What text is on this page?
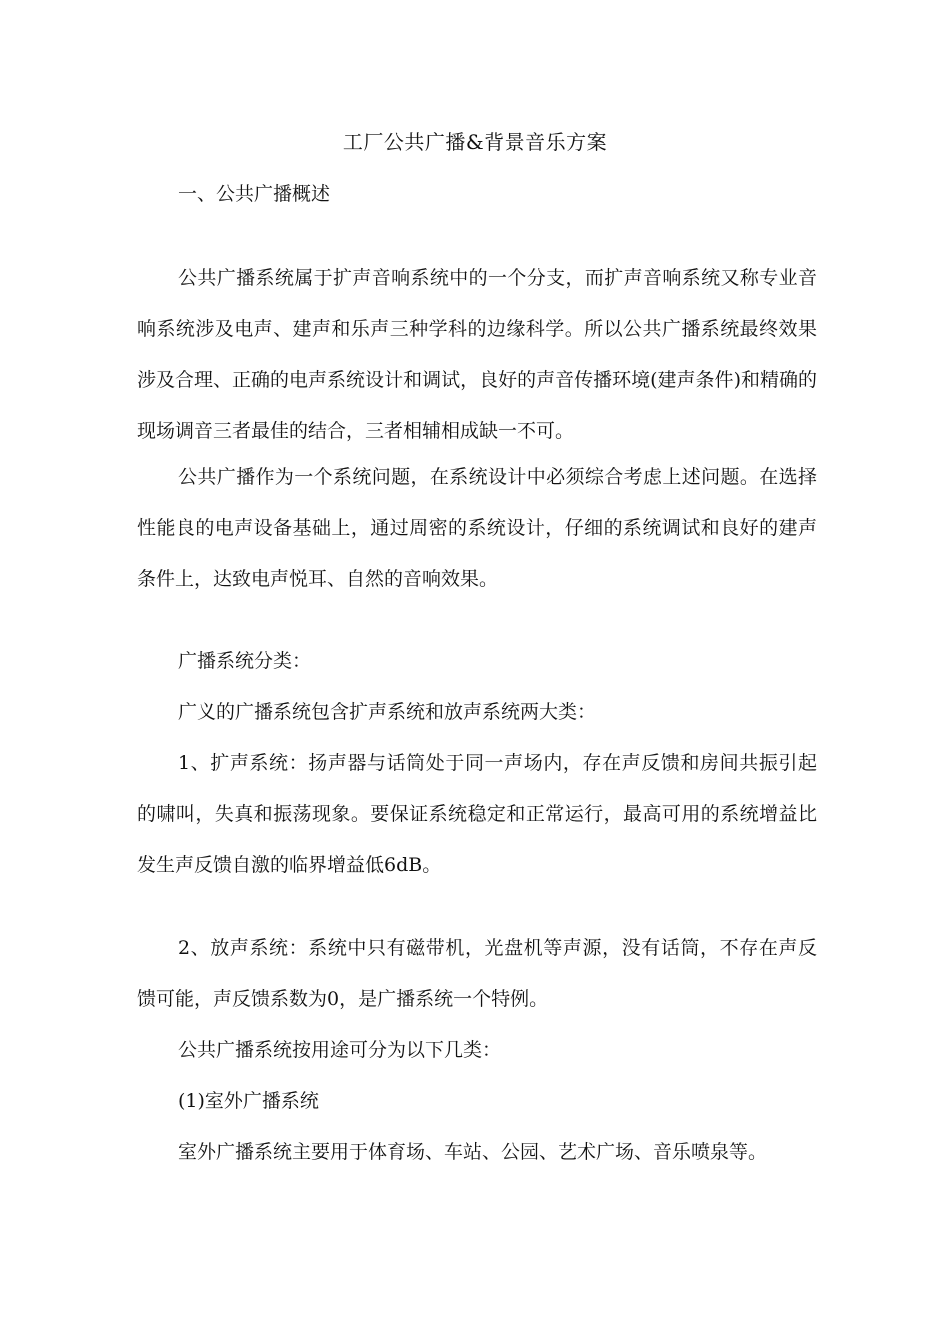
工厂公共广播&背景音乐方案
一、公共广播概述

公共广播系统属于扩声音响系统中的一个分支，而扩声音响系统又称专业音响系统涉及电声、建声和乐声三种学科的边缘科学。所以公共广播系统最终效果涉及合理、正确的电声系统设计和调试，良好的声音传播环境(建声条件)和精确的现场调音三者最佳的结合，三者相辅相成缺一不可。

公共广播作为一个系统问题，在系统设计中必须综合考虑上述问题。在选择性能良的电声设备基础上，通过周密的系统设计，仔细的系统调试和良好的建声条件上，达致电声悦耳、自然的音响效果。

广播系统分类：
广义的广播系统包含扩声系统和放声系统两大类：

1、扩声系统：扬声器与话筒处于同一声场内，存在声反馈和房间共振引起的啸叫，失真和振荡现象。要保证系统稳定和正常运行，最高可用的系统增益比发生声反馈自激的临界增益低6dB。

2、放声系统：系统中只有磁带机，光盘机等声源，没有话筒，不存在声反馈可能，声反馈系数为0，是广播系统一个特例。

公共广播系统按用途可分为以下几类：
(1)室外广播系统
室外广播系统主要用于体育场、车站、公园、艺术广场、音乐喷泉等。
